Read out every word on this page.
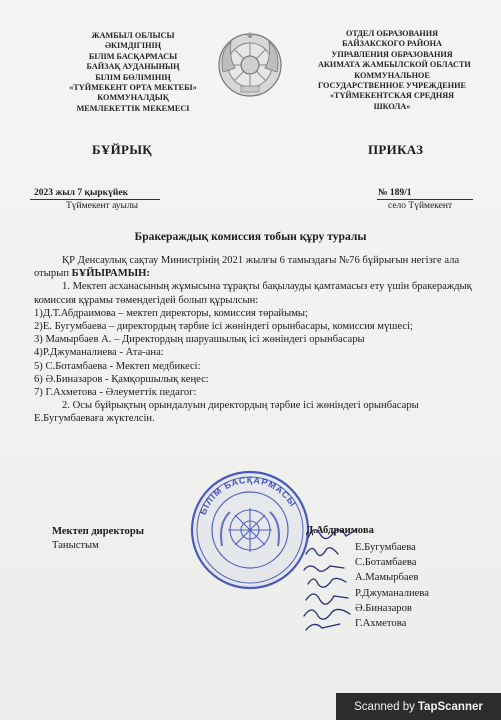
ЖАМБЫЛ ОБЛЫСЫ
ӘКІМДІГІНІҢ
БІЛІМ БАСҚАРМАСЫ
БАЙЗАҚ АУДАНЫНЫҢ
БІЛІМ БӨЛІМІНІҢ
«ТҮЙМЕКЕНТ ОРТА МЕКТЕБІ»
КОММУНАЛДЫҚ
МЕМЛЕКЕТТІК МЕКЕМЕСІ
ОТДЕЛ ОБРАЗОВАНИЯ
БАЙЗАКСКОГО РАЙОНА
УПРАВЛЕНИЯ ОБРАЗОВАНИЯ
АКИМАТА ЖАМБЫЛСКОЙ ОБЛАСТИ
КОММУНАЛЬНОЕ
ГОСУДАРСТВЕННОЕ УЧРЕЖДЕНИЕ
«ТҮЙМЕКЕНТСКАЯ СРЕДНЯЯ
ШКОЛА»
БҰЙРЫҚ	ПРИКАЗ
2023 жыл 7 қыркүйек
Түймекент ауылы
№ 189/1
село Түймекент
Бракераждық комиссия тобын құру туралы

ҚР Денсаулық сақтау Министрінің 2021 жылғы 6 тамыздағы №76 бұйрығын негізге ала отырып БҰЙЫРАМЫН:

1. Мектеп асханасының жұмысына тұрақты бақылауды қамтамасыз ету үшін бракераждық комиссия құрамы төмендегідей болып құрылсын:

1)Д.Т.Абдраимова – мектеп директоры, комиссия төрайымы;

2)Е. Бугумбаева – директордың тәрбие ісі жөніндегі орынбасары, комиссия мүшесі;

3) Мамырбаев А. – Директордың шаруашылық ісі жөніндегі орынбасары

4)Р.Джуманалиева - Ата-ана:

5) С.Ботамбаева - Мектеп медбикесі:

6) Ә.Биназаров - Қамқоршылық кеңес:

7) Г.Ахметова - Әлеуметтік педагог:

2. Осы бұйрықтың орындалуын директордың тәрбие ісі жөніндегі орынбасары Е.Бугумбаеваға жүктелсін.

БІЛІМ БАСҚАРМАСЫ
Мектеп директоры
Таныстым
Д.Абдраимова
Е.Бугумбаева
С.Ботамбаева
А.Мамырбаев
Р.Джуманалиева
Ә.Биназаров
Г.Ахметова
Scanned by TapScanner
